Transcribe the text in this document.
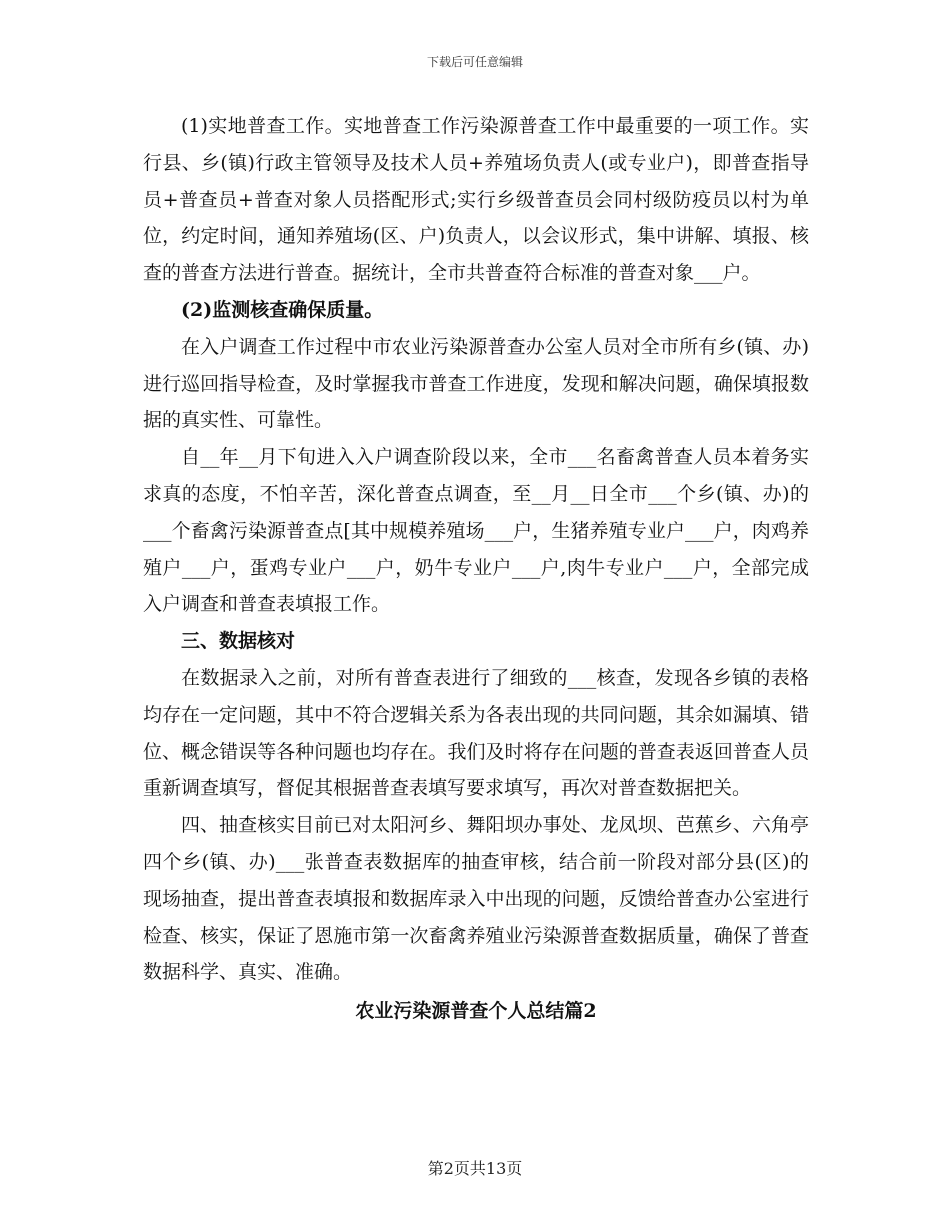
下载后可任意编辑

(1)实地普查工作。实地普查工作污染源普查工作中最重要的一项工作。实行县、乡(镇)行政主管领导及技术人员+养殖场负责人(或专业户)，即普查指导员+普查员+普查对象人员搭配形式;实行乡级普查员会同村级防疫员以村为单位，约定时间，通知养殖场(区、户)负责人，以会议形式，集中讲解、填报、核查的普查方法进行普查。据统计，全市共普查符合标准的普查对象___户。

(2)监测核查确保质量。

在入户调查工作过程中市农业污染源普查办公室人员对全市所有乡(镇、办)进行巡回指导检查，及时掌握我市普查工作进度，发现和解决问题，确保填报数据的真实性、可靠性。

自__年__月下旬进入入户调查阶段以来，全市___名畜禽普查人员本着务实求真的态度，不怕辛苦，深化普查点调查，至__月__日全市___个乡(镇、办)的___个畜禽污染源普查点[其中规模养殖场___户，生猪养殖专业户___户，肉鸡养殖户___户，蛋鸡专业户___户，奶牛专业户___户,肉牛专业户___户，全部完成入户调查和普查表填报工作。

三、数据核对

在数据录入之前，对所有普查表进行了细致的___核查，发现各乡镇的表格均存在一定问题，其中不符合逻辑关系为各表出现的共同问题，其余如漏填、错位、概念错误等各种问题也均存在。我们及时将存在问题的普查表返回普查人员重新调查填写，督促其根据普查表填写要求填写，再次对普查数据把关。

四、抽查核实目前已对太阳河乡、舞阳坝办事处、龙凤坝、芭蕉乡、六角亭四个乡(镇、办)___张普查表数据库的抽查审核，结合前一阶段对部分县(区)的现场抽查，提出普查表填报和数据库录入中出现的问题，反馈给普查办公室进行检查、核实，保证了恩施市第一次畜禽养殖业污染源普查数据质量，确保了普查数据科学、真实、准确。

农业污染源普查个人总结篇2
第2页共13页
